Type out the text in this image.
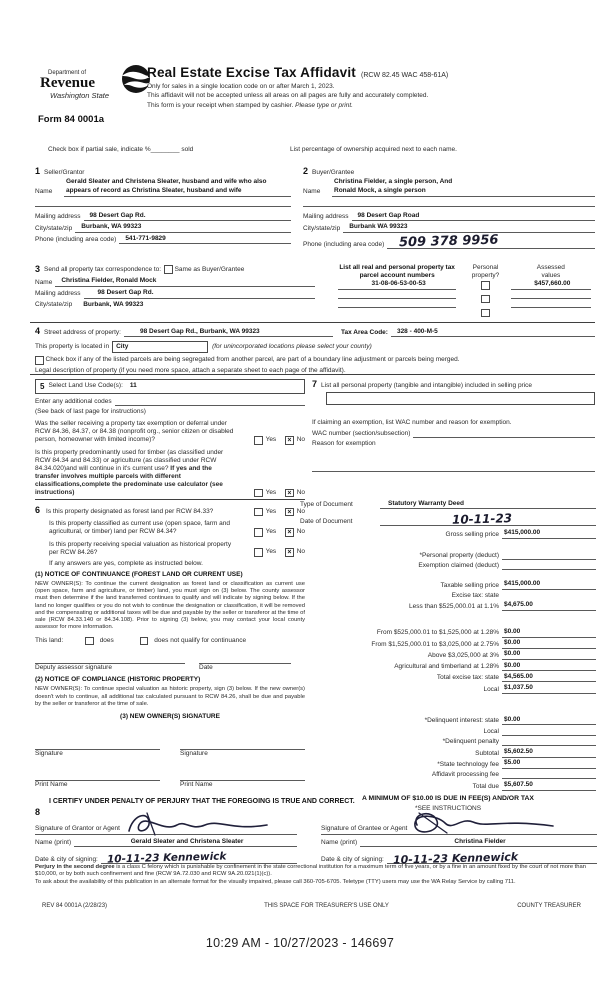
Department of
Revenue
Washington State
Real Estate Excise Tax Affidavit (RCW 82.45 WAC 458-61A)
Only for sales in a single location code on or after March 1, 2023.
This affidavit will not be accepted unless all areas on all pages are fully and accurately completed.
This form is your receipt when stamped by cashier. Please type or print.
Form 84 0001a
Check box if partial sale, indicate %________ sold	List percentage of ownership acquired next to each name.
1 Seller/Grantor
Name
Gerald Sleater and Christena Sleater, husband and wife who also
appears of record as Christina Sleater, husband and wife
Mailing address	98 Desert Gap Rd.
City/state/zip	Burbank, WA 99323
Phone (including area code)	541-771-9829
2 Buyer/Grantee
Name
Christina Fielder, a single person, And
Ronald Mock, a single person
Mailing address	98 Desert Gap Road
City/state/zip	Burbank WA 99323
Phone (including area code) 509 378 9956
3 Send all property tax correspondence to:	Same as Buyer/Grantee
Name	Christina Fielder, Ronald Mock
Mailing address	98 Desert Gap Rd.
City/state/zip	Burbank, WA 99323
List all real and personal property tax
parcel account numbers
31-08-06-53-00-53
Personal
property?
Assessed
values
$457,660.00
4 Street address of property:	98 Desert Gap Rd., Burbank, WA 99323	Tax Area Code:	328 - 400-M-5
This property is located in	City	(for unincorporated locations please select your county)
Check box if any of the listed parcels are being segregated from another parcel, are part of a boundary line adjustment or parcels being merged.
Legal description of property (if you need more space, attach a separate sheet to each page of the affidavit).
5 Select Land Use Code(s):	11
Enter any additional codes
(See back of last page for instructions)

Was the seller receiving a property tax exemption or deferral under RCW 84.36, 84.37, or 84.38 (nonprofit org., senior citizen or disabled person, homeowner with limited income)?	Yes	× No

Is this property predominantly used for timber (as classified under RCW 84.34 and 84.33) or agriculture (as classified under RCW 84.34.020)and will continue in it's current use? If yes and the transfer involves multiple parcels with different classifications,complete the predominate use calculator (see instructions)	Yes	× No
7 List all personal property (tangible and intangible) included in selling price
If claiming an exemption, list WAC number and reason for exemption.
WAC number (section/subsection)
Reason for exemption

6 Is this property designated as forest land per RCW 84.33?	Yes	× No

Is this property classified as current use (open space, farm and agricultural, or timber) land per RCW 84.34?	Yes	× No

Is this property receiving special valuation as historical property per RCW 84.26?	Yes	× No
If any answers are yes, complete as instructed below.
(1) NOTICE OF CONTINUANCE (FOREST LAND OR CURRENT USE)

NEW OWNER(S): To continue the current designation as forest land or classification as current use (open space, farm and agriculture, or timber) land, you must sign on (3) below. The county assessor must then determine if the land transferred continues to qualify and will indicate by signing below. If the land no longer qualifies or you do not wish to continue the designation or classification, it will be removed and the compensating or additional taxes will be due and payable by the seller or transferor at the time of sale (RCW 84.33.140 or 84.34.108). Prior to signing (3) below, you may contact your local county assessor for more information.

This land:	does	does not qualify for continuance
Deputy assessor signature	Date
(2) NOTICE OF COMPLIANCE (HISTORIC PROPERTY)

NEW OWNER(S): To continue special valuation as historic property, sign (3) below. If the new owner(s) doesn't wish to continue, all additional tax calculated pursuant to RCW 84.26, shall be due and payable by the seller or transferor at the time of sale.

(3) NEW OWNER(S) SIGNATURE
Signature	Signature
Print Name	Print Name
Type of Document	Statutory Warranty Deed
Date of Document	10-11-23
Gross selling price $415,000.00
*Personal property (deduct)
Exemption claimed (deduct)
Taxable selling price $415,000.00
Excise tax: state
Less than $525,000.01 at 1.1% $4,675.00
From $525,000.01 to $1,525,000 at 1.28% $0.00
From $1,525,000.01 to $3,025,000 at 2.75% $0.00
Above $3,025,000 at 3% $0.00
Agricultural and timberland at 1.28% $0.00
Total excise tax: state $4,565.00
Local $1,037.50
*Delinquent interest: state $0.00
Local
*Delinquent penalty
Subtotal $5,602.50
*State technology fee $5.00
Affidavit processing fee
Total due $5,607.50
A MINIMUM OF $10.00 IS DUE IN FEE(S) AND/OR TAX
*SEE INSTRUCTIONS
I CERTIFY UNDER PENALTY OF PERJURY THAT THE FOREGOING IS TRUE AND CORRECT.
8
Signature of Grantor or Agent
Name (print)	Gerald Sleater and Christena Sleater
Date & city of signing: 10-11-23 Kennewick
Signature of Grantee or Agent
Name (print)	Christina Fielder
Date & city of signing: 10-11-23 Kennewick

Perjury in the second degree is a class C felony which is punishable by confinement in the state correctional institution for a maximum term of five years, or by a fine in an amount fixed by the court of not more than $10,000, or by both such confinement and fine (RCW 9A.72.030 and RCW 9A.20.021(1)(c)).

To ask about the availability of this publication in an alternate format for the visually impaired, please call 360-705-6705. Teletype (TTY) users may use the WA Relay Service by calling 711.

REV 84 0001A (2/28/23)	THIS SPACE FOR TREASURER'S USE ONLY	COUNTY TREASURER
10:29 AM - 10/27/2023 - 146697
